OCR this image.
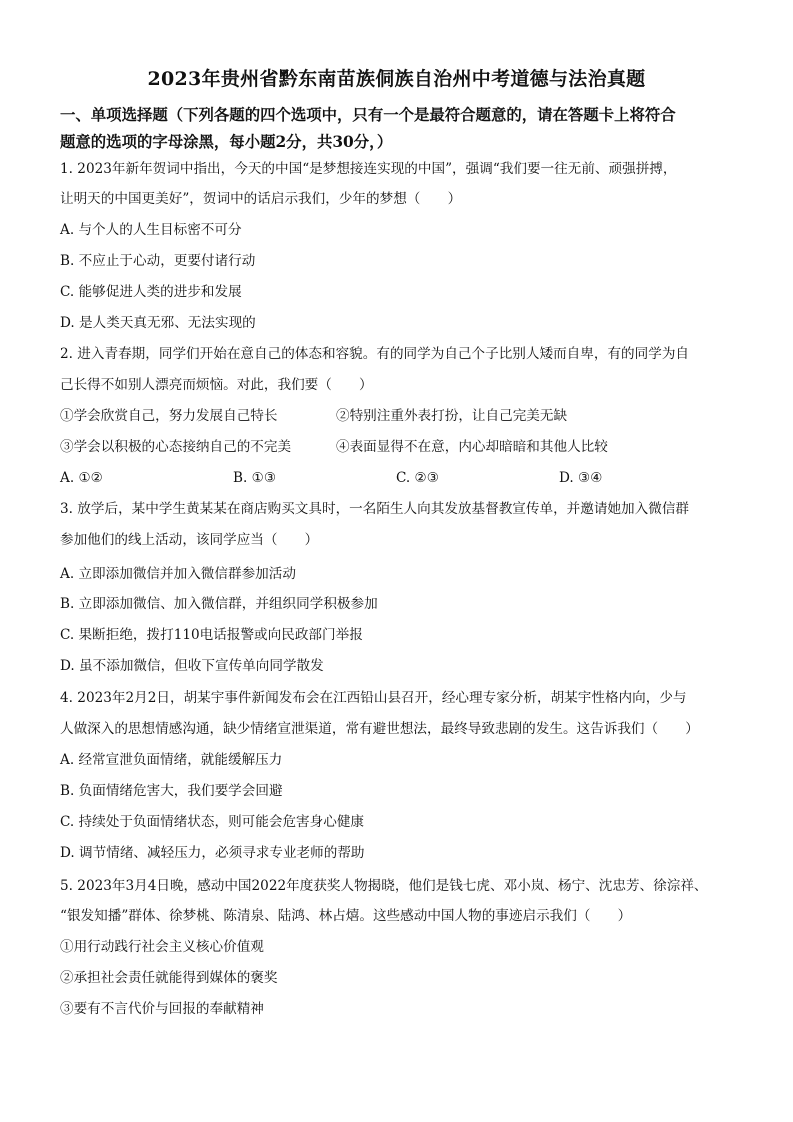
2023年贵州省黔东南苗族侗族自治州中考道德与法治真题
一、单项选择题（下列各题的四个选项中，只有一个是最符合题意的，请在答题卡上将符合
题意的选项的字母涂黑，每小题2分，共30分，）
1. 2023年新年贺词中指出，今天的中国“是梦想接连实现的中国”，强调“我们要一往无前、顽强拼搏，
让明天的中国更美好”，贺词中的话启示我们，少年的梦想（　　）
A. 与个人的人生目标密不可分
B. 不应止于心动，更要付诸行动
C. 能够促进人类的进步和发展
D. 是人类天真无邪、无法实现的
2. 进入青春期，同学们开始在意自己的体态和容貌。有的同学为自己个子比别人矮而自卑，有的同学为自
己长得不如别人漂亮而烦恼。对此，我们要（　　）
①学会欣赏自己，努力发展自己特长	②特别注重外表打扮，让自己完美无缺
③学会以积极的心态接纳自己的不完美	④表面显得不在意，内心却暗暗和其他人比较
A. ①②	B. ①③	C. ②③	D. ③④
3. 放学后，某中学生黄某某在商店购买文具时，一名陌生人向其发放基督教宣传单，并邀请她加入微信群
参加他们的线上活动，该同学应当（　　）
A. 立即添加微信并加入微信群参加活动
B. 立即添加微信、加入微信群，并组织同学积极参加
C. 果断拒绝，拨打110电话报警或向民政部门举报
D. 虽不添加微信，但收下宣传单向同学散发
4. 2023年2月2日，胡某宇事件新闻发布会在江西铅山县召开，经心理专家分析，胡某宇性格内向，少与
人做深入的思想情感沟通，缺少情绪宣泄渠道，常有避世想法，最终导致悲剧的发生。这告诉我们（　　）
A. 经常宣泄负面情绪，就能缓解压力
B. 负面情绪危害大，我们要学会回避
C. 持续处于负面情绪状态，则可能会危害身心健康
D. 调节情绪、减轻压力，必须寻求专业老师的帮助
5. 2023年3月4日晚，感动中国2022年度获奖人物揭晓，他们是钱七虎、邓小岚、杨宁、沈忠芳、徐淙祥、
“银发知播”群体、徐梦桃、陈清泉、陆鸿、林占熺。这些感动中国人物的事迹启示我们（　　）
①用行动践行社会主义核心价值观
②承担社会责任就能得到媒体的褒奖
③要有不言代价与回报的奉献精神
